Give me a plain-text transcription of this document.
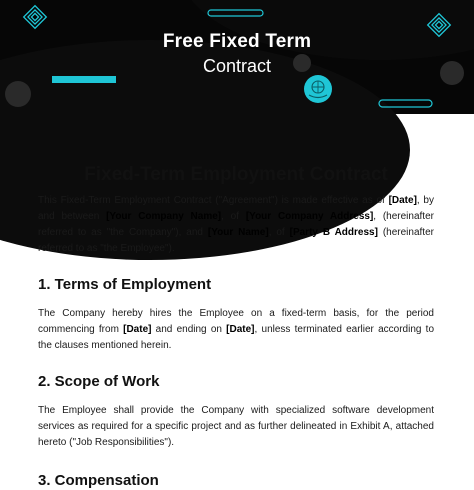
Free Fixed Term
Contract
Fixed-Term Employment Contract

This Fixed-Term Employment Contract ("Agreement") is made effective as of [Date], by and between [Your Company Name], of [Your Company Address], (hereinafter referred to as "the Company"), and [Your Name], of [Party B Address] (hereinafter referred to as "the Employee").

1. Terms of Employment

The Company hereby hires the Employee on a fixed-term basis, for the period commencing from [Date] and ending on [Date], unless terminated earlier according to the clauses mentioned herein.

2. Scope of Work

The Employee shall provide the Company with specialized software development services as required for a specific project and as further delineated in Exhibit A, attached hereto ("Job Responsibilities").

3. Compensation
